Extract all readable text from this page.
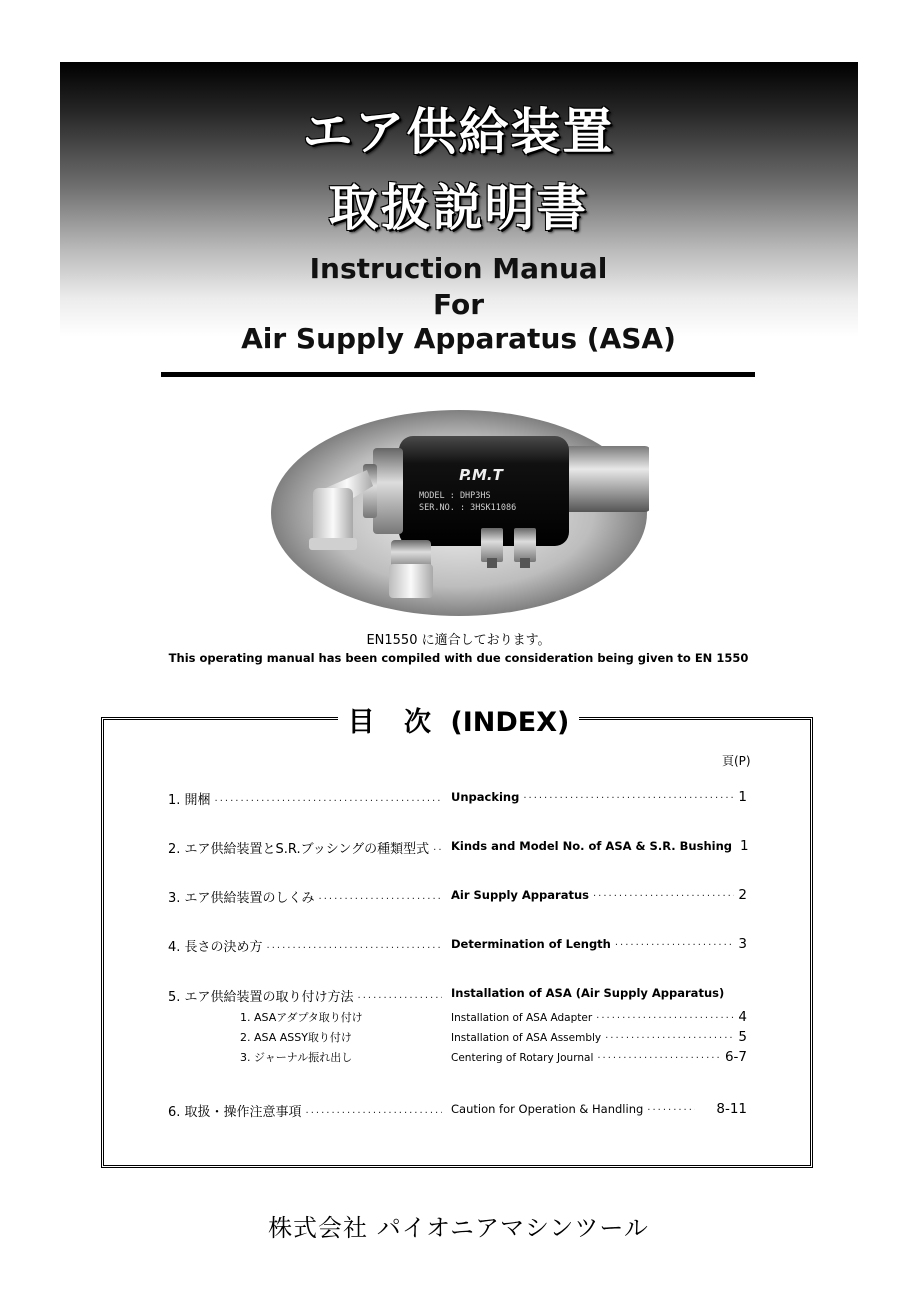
エア供給装置
取扱説明書
Instruction Manual
For
Air Supply Apparatus (ASA)
P.M.T
MODEL : DHP3HS
SER.NO. : 3HSK11086
EN1550 に適合しております。
This operating manual has been compiled with due consideration being given to EN 1550
目 次 (INDEX)
頁(P)
1. 開梱 ·····	Unpacking ·····	1
2. エア供給装置とS.R.ブッシングの種類型式 ····· Kinds and Model No. of ASA & S.R. Bushing 1
3. エア供給装置のしくみ ·····	Air Supply Apparatus ·····	2
4. 長さの決め方 ·····	Determination of Length ·····	3
5. エア供給装置の取り付け方法 ·····	Installation of ASA (Air Supply Apparatus)
1. ASAアダプタ取り付け	Installation of ASA Adapter ·····	4
2. ASA ASSY取り付け	Installation of ASA Assembly ·····	5
3. ジャーナル振れ出し	Centering of Rotary Journal ·····	6-7
6. 取扱・操作注意事項 ·····	Caution for Operation & Handling ·····	8-11
株式会社 パイオニアマシンツール
